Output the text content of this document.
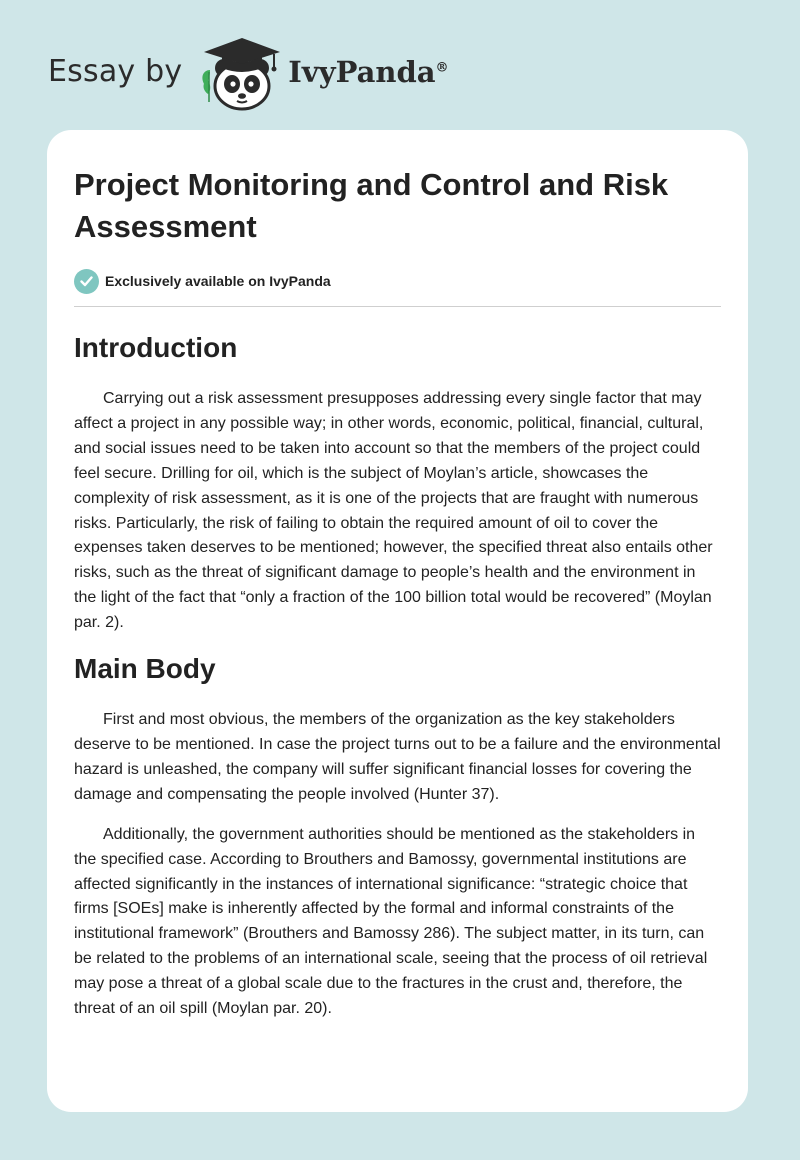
Essay by	IvyPanda®
Project Monitoring and Control and Risk Assessment
Exclusively available on IvyPanda
Introduction

Carrying out a risk assessment presupposes addressing every single factor that may affect a project in any possible way; in other words, economic, political, financial, cultural, and social issues need to be taken into account so that the members of the project could feel secure. Drilling for oil, which is the subject of Moylan’s article, showcases the complexity of risk assessment, as it is one of the projects that are fraught with numerous risks. Particularly, the risk of failing to obtain the required amount of oil to cover the expenses taken deserves to be mentioned; however, the specified threat also entails other risks, such as the threat of significant damage to people’s health and the environment in the light of the fact that “only a fraction of the 100 billion total would be recovered” (Moylan par. 2).

Main Body

First and most obvious, the members of the organization as the key stakeholders deserve to be mentioned. In case the project turns out to be a failure and the environmental hazard is unleashed, the company will suffer significant financial losses for covering the damage and compensating the people involved (Hunter 37).

Additionally, the government authorities should be mentioned as the stakeholders in the specified case. According to Brouthers and Bamossy, governmental institutions are affected significantly in the instances of international significance: “strategic choice that firms [SOEs] make is inherently affected by the formal and informal constraints of the institutional framework” (Brouthers and Bamossy 286). The subject matter, in its turn, can be related to the problems of an international scale, seeing that the process of oil retrieval may pose a threat of a global scale due to the fractures in the crust and, therefore, the threat of an oil spill (Moylan par. 20).
